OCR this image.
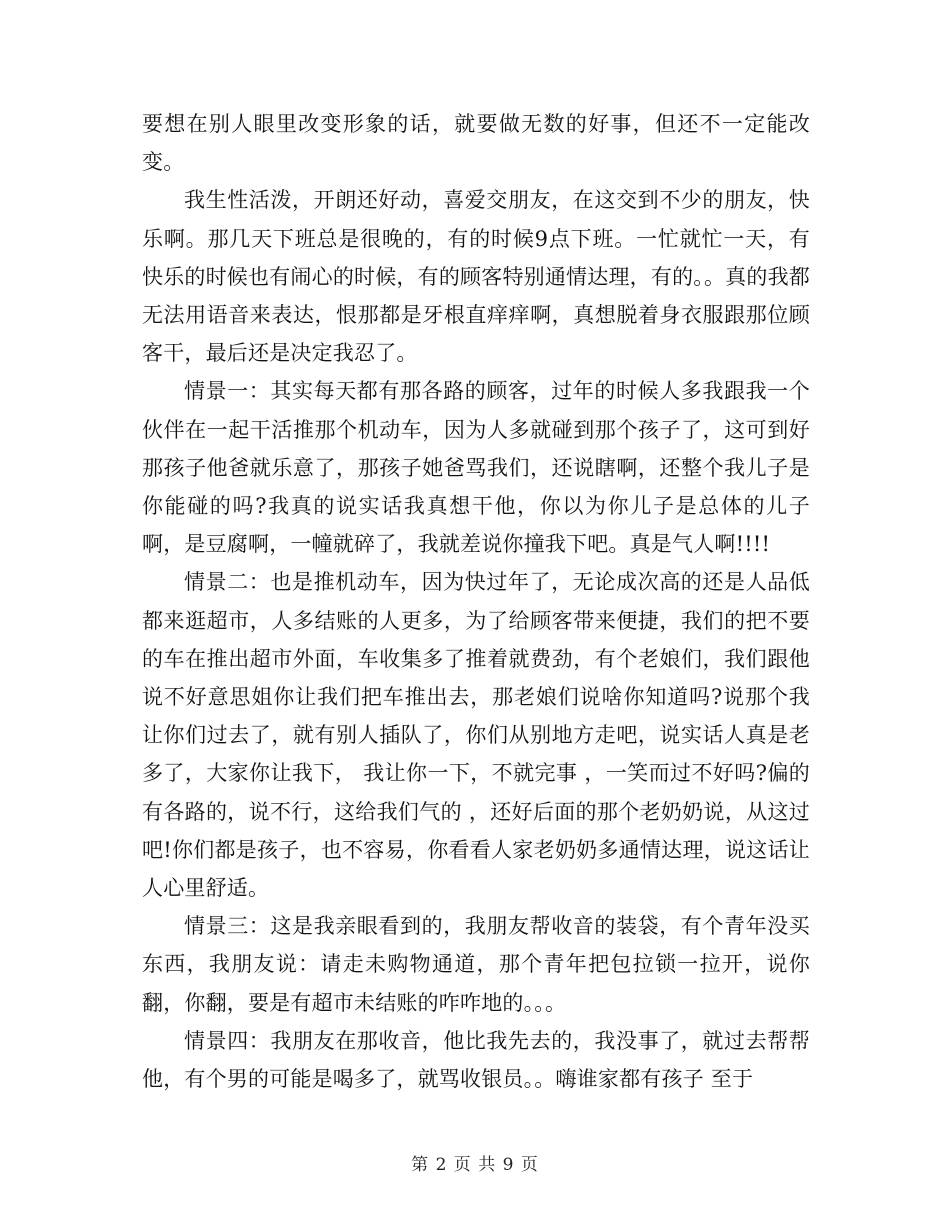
要想在别人眼里改变形象的话，就要做无数的好事，但还不一定能改变。

我生性活泼，开朗还好动，喜爱交朋友，在这交到不少的朋友，快乐啊。那几天下班总是很晚的，有的时候9点下班。一忙就忙一天，有快乐的时候也有闹心的时候，有的顾客特别通情达理，有的。。真的我都无法用语音来表达，恨那都是牙根直痒痒啊，真想脱着身衣服跟那位顾客干，最后还是决定我忍了。

情景一：其实每天都有那各路的顾客，过年的时候人多我跟我一个伙伴在一起干活推那个机动车，因为人多就碰到那个孩子了，这可到好那孩子他爸就乐意了，那孩子她爸骂我们，还说瞎啊，还整个我儿子是你能碰的吗?我真的说实话我真想干他，你以为你儿子是总体的儿子啊，是豆腐啊，一幢就碎了，我就差说你撞我下吧。真是气人啊!!!!

情景二：也是推机动车，因为快过年了，无论成次高的还是人品低都来逛超市，人多结账的人更多，为了给顾客带来便捷，我们的把不要的车在推出超市外面，车收集多了推着就费劲，有个老娘们，我们跟他说不好意思姐你让我们把车推出去，那老娘们说啥你知道吗?说那个我让你们过去了，就有别人插队了，你们从别地方走吧，说实话人真是老多了，大家你让我下， 我让你一下，不就完事 ，一笑而过不好吗?偏的有各路的，说不行，这给我们气的 ，还好后面的那个老奶奶说，从这过吧!你们都是孩子，也不容易，你看看人家老奶奶多通情达理，说这话让人心里舒适。

情景三：这是我亲眼看到的，我朋友帮收音的装袋，有个青年没买东西，我朋友说：请走未购物通道，那个青年把包拉锁一拉开，说你翻，你翻，要是有超市未结账的咋咋地的。。。

情景四：我朋友在那收音，他比我先去的，我没事了，就过去帮帮他，有个男的可能是喝多了，就骂收银员。。嗨谁家都有孩子 至于

第 2 页 共 9 页
